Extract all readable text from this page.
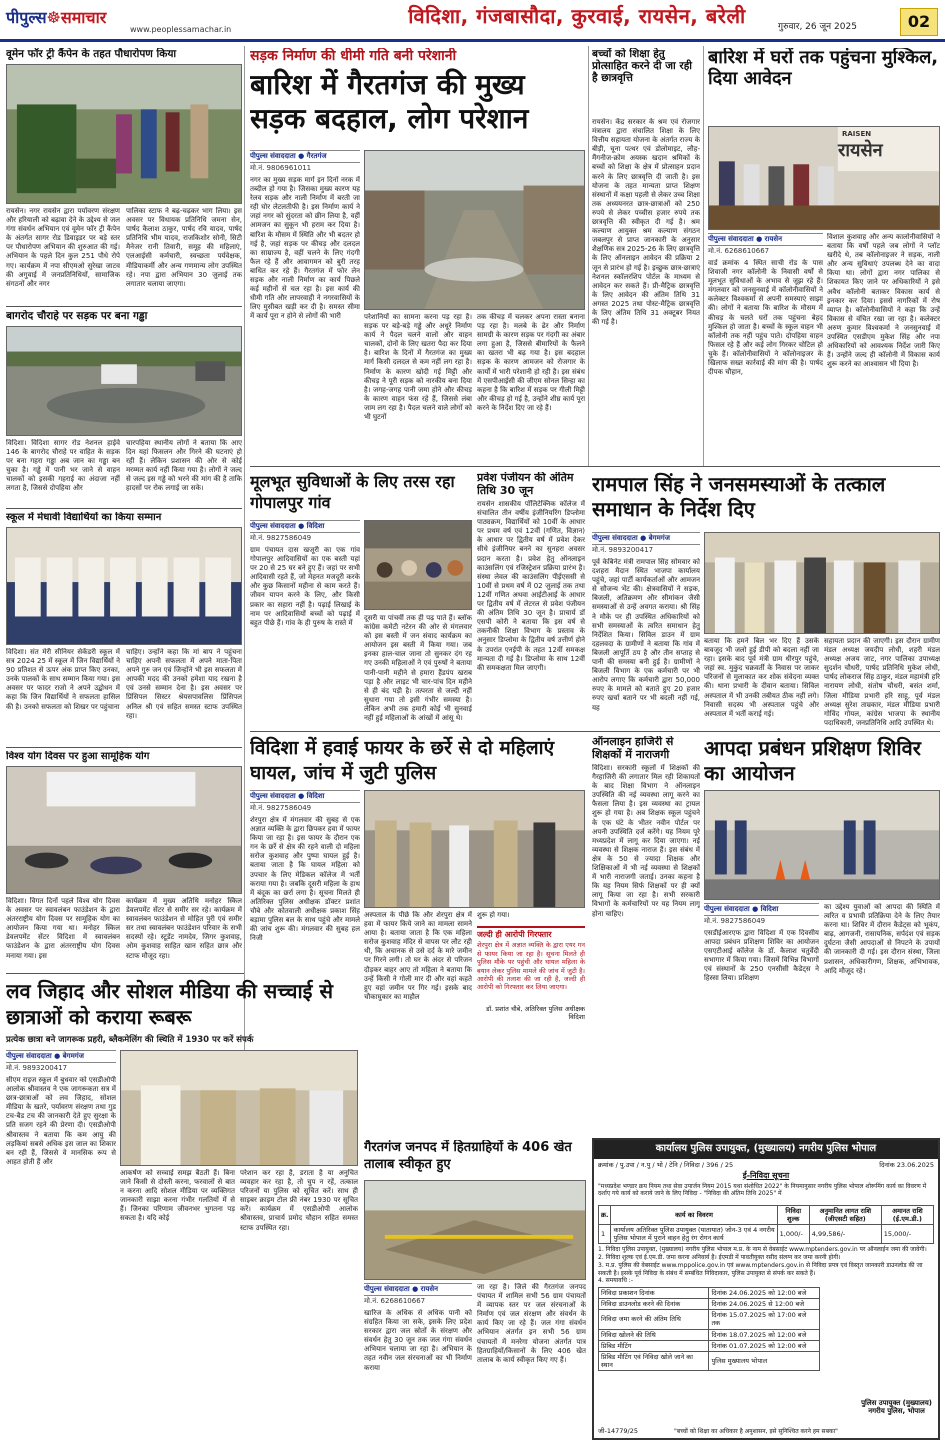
पीपुल्स☸समाचार
www.peoplessamachar.in
विदिशा, गंजबासौदा, कुरवाई, रायसेन, बरेली	गुरुवार, 26 जून 2025	02
वूमेन फॉर ट्री कैंपेन के तहत पौधारोपण किया
रायसेन। नगर रायसेन द्वारा पर्यावरण संरक्षण और हरियाली को बढ़ावा देने के उद्देश्य से जल गंगा संवर्धन अभियान एवं वूमेन फॉर ट्री कैंपेन के अंतर्गत सागर रोड डिवाइडर पर बड़े स्तर पर पौधारोपण अभियान की शुरुआत की गई। अभियान के पहले दिन कुल 251 पौधे रोपे गए। कार्यक्रम में नपा सीएमओ सुरेखा जाटव की अगुवाई में जनप्रतिनिधियों, सामाजिक संगठनों और नगर
पालिका स्टाफ ने बढ़-चढ़कर भाग लिया। इस अवसर पर विधायक प्रतिनिधि जमना सेन, पार्षद कैलाश ठाकुर, पार्षद रवि यादव, पार्षद प्रतिनिधि भीम यादव, राजकिशोर सोनी, सिटी मैनेजर रानी तिवारी, समूह की महिलाएं, एलआईसी कर्मचारी, स्वच्छता पर्यवेक्षक, मीडियाकर्मी और अन्य गणमान्य लोग उपस्थित रहे। नपा द्वारा अभियान 30 जुलाई तक लगातार चलाया जाएगा।
बागरोद चौराहे पर सड़क पर बना गड्ढा
विदिशा। विदिशा सागर रोड नेशनल हाईवे 146 के बागरोद चौराहे पर वाहित के सड़क पर बना गहरा गड्ढा अब जान का गड्ढा बन चुका है। गड्ढे में पानी भर जाने से वाहन चालकों को इसकी गहराई का अंदाजा नहीं लगता है, जिससे दोपहिया और
चारपहिया स्थानीय लोगों ने बताया कि आए दिन यहां फिसलन और गिरने की घटनाएं हो रही हैं। लेकिन प्रशासन की ओर से कोई मरम्मत कार्य नहीं किया गया है। लोगों ने जल्द से जल्द इस गड्ढे को भरने की मांग की है ताकि हादसों पर रोक लगाई जा सके।
स्कूल में मेधावी विद्यार्थियों का किया सम्मान
विदिशा। संत मेरी सीनियर सेकेंडरी स्कूल में सत्र 2024 25 में स्कूल में जिन विद्यार्थियों ने 90 प्रतिशत से ऊपर अंक प्राप्त किए उनका, उनके पालकों के साथ सम्मान किया गया। इस अवसर पर फादर राजो ने अपने उद्बोधन में कहा कि जिन विद्यार्थियों ने सफलता हासिल की है। उनको सफलता को शिखर पर पहुंचाना
चाहिए। उन्होंने कहा कि मां बाप ने पहुंचना चाहिए अपनी सफलता में अपने माता-पिता अपने गुरु जन एवं जिन्होंने भी इस सफलता में आपकी मदद की उनको हमेशा याद रखना है एवं उनसे सम्मान देना है। इस अवसर पर प्रिंसिपल सिस्टर श्रेयसपावलिस प्रिंसिपल अनिल श्री एवं सहित समस्त स्टाफ उपस्थित रहा।
विश्व योग दिवस पर हुआ सामूहिक योग
विदिशा। विगत दिनों पहले विश्व योग दिवस के अवसर पर स्वावलंबन फाउंडेशन के द्वारा अंतरराष्ट्रीय योग दिवस पर सामूहिक योग का आयोजन किया गया था। मनोहर स्किल डेवलपमेंट सेंटर विदिशा में स्वावलंबन फाउंडेशन के द्वारा अंतरराष्ट्रीय योग दिवस मनाया गया। इस
कार्यक्रम में मुख्य अतिथि मनोहर स्किल डेवलपमेंट सेंटर से समीर सर रहे। कार्यक्रम में स्वावलंबन फाउंडेशन से मोहित पुरी एवं समीर सर तथा स्वावलंबन फाउंडेशन परिवार के सभी सदस्यों रहे। स्टूडेंट नामदेव, जिगर कुशवाह, ओम कुशवाह साहित खान सहित छात्र और स्टाफ मौजूद रहा।
सड़क निर्माण की धीमी गति बनी परेशानी
बारिश में गैरतगंज की मुख्य सड़क बदहाल, लोग परेशान
पीपुल्स संवाददाता ● गैरतगंज
मो.नं. 9806961011
नगर का मुख्य सड़क मार्ग इन दिनों नरक में तब्दील हो गया है। जिसका मुख्य कारण यह रेलव सड़क और नाली निर्माण में बरती जा रही घोर लेटलतीफी है। इस निर्माण कार्य ने जहां नगर को सुंदरता को छीन लिया है, वहीं आमजन का सुकून भी हराम कर दिया है। बारिश के मौसम में स्थिति और भी बदतर हो गई है, जहां सड़क पर कीचड़ और दलदल का साम्राज्य है, वहीं चलने के लिए गंदगी फैल रहे हैं और आवागमन को बुरी तरह बाधित कर रहे हैं। गैरतगंज में फोर लेन सड़क और नाली निर्माण का कार्य पिछले कई महीनों से चल रहा है। इस कार्य की धीमी गति और लापरवाही ने नगरवासियों के लिए मुसीबत खड़ी कर दी है। समस्त सीमा में कार्य पूरा न होने से लोगों की भारी	परेशानियों का सामना करना पड़ रहा है। सड़क पर बड़े-बड़े गड्ढे और अधूरे निर्माण कार्य ने पैदल चलने वालों और वाहन चालकों, दोनों के लिए खतरा पैदा कर दिया है। बारिश के दिनों में गैरतगंज का मुख्य मार्ग किसी दलदल से कम नहीं लग रहा है। निर्माण के कारण खोदी गई मिट्टी और कीचड़ ने पूरी सड़क को नारकीय बना दिया है। जगह-जगह पानी जमा होने और कीचड़ के कारण वाहन फंस रहे हैं, जिससे लंबा जाम लग रहा है। पैदल चलने वाले लोगों को भी घुटनों
तक कीचड़ में चलकर अपना रास्ता बनाना पड़ रहा है। मलबे के ढेर और निर्माण सामग्री के कारण सड़क पर गंदगी का अंबार लगा हुआ है, जिससे बीमारियों के फैलने का खतरा भी बढ़ गया है। इस बदहाल सड़क के कारण आमजन को रोजगार के कार्यों में भारी परेशानी हो रही है। इस संबंध में एसपीआईसी की जीएम सोनल सिन्हा का कहना है कि बारिश में सड़क पर गीली मिट्टी और कीचड़ हो गई है, उन्होंने शीघ्र कार्य पूरा करने के निर्देश दिए जा रहे हैं।
बच्चों को शिक्षा हेतु प्रोत्साहित करने दी जा रही है छात्रवृत्ति
रायसेन। केंद्र सरकार के श्रम एवं रोजगार मंत्रालय द्वारा संचालित शिक्षा के लिए वित्तीय सहायता योजना के अंतर्गत राज्य के बीड़ी, चूना पत्थर एवं डोलोमाइट, लौह-मैंगनीज-क्रोम अयस्क खदान श्रमिकों के बच्चों को शिक्षा के क्षेत्र में प्रोत्साहन प्रदान करने के लिए छात्रवृत्ति दी जाती है। इस योजना के तहत मान्यता प्राप्त शिक्षण संस्थानों में कक्षा पहली से लेकर उच्च शिक्षा तक अध्ययनरत छात्र-छात्राओं को 250 रुपये से लेकर पच्चीस हजार रुपये तक छात्रवृत्ति की स्वीकृत दी गई है। श्रम कल्याण आयुक्त श्रम कल्याण संगठन जबलपुर से प्राप्त जानकारी के अनुसार शैक्षणिक सत्र 2025-26 के लिए छात्रवृत्ति के लिए ऑनलाइन आवेदन की प्रक्रिया 2 जून से प्रारंभ हो गई है। इच्छुक छात्र-छात्राएं नेशनल स्कॉलरशिप पोर्टल के माध्यम से आवेदन कर सकते हैं। प्री-मैट्रिक छात्रवृत्ति के लिए आवेदन की अंतिम तिथि 31 अगस्त 2025 तथा पोस्ट-मैट्रिक छात्रवृत्ति के लिए अंतिम तिथि 31 अक्टूबर नियत की गई है।
बारिश में घरों तक पहुंचना मुश्किल, दिया आवेदन
RAISEN
रायसेन
पीपुल्स संवाददाता ● रायसेन
मो.नं. 6268610667
वार्ड क्रमांक 4 स्थित साची रोड के पास शिवाजी नगर कॉलोनी के निवासी वर्षों से मूलभूत सुविधाओं के अभाव से जूझ रहे हैं। मंगलवार को जनसुनवाई में कॉलोनीवासियों ने कलेक्टर विश्वकर्मा से अपनी समस्याएं साझा की। लोगों ने बताया कि बारिश के मौसम में कीचड़ के चलते घरों तक पहुंचना बेहद मुश्किल हो जाता है। बच्चों के स्कूल वाहन भी कॉलोनी तक नहीं पहुंच पाते। दोपहिया वाहन फिसल रहे हैं और कई लोग गिरकर चोटिल हो चुके हैं। कॉलोनीवासियों ने कॉलोनाइजर के खिलाफ सख्त कार्रवाई की मांग की है। पार्षद दीपक चौहान,
विशाल कुशवाह और अन्य कालोनीवासियों ने बताया कि वर्षों पहले जब लोगों ने प्लॉट खरीदे थे, तब कॉलोनाइजर ने सड़क, नाली और अन्य सुविधाएं उपलब्ध देने का वादा किया था। लोगों द्वारा नगर पालिका से शिकायत किए जाने पर अधिकारियों ने इसे अवैध कॉलोनी बताकर विकास कार्य से इनकार कर दिया। इससे नागरिकों में रोष व्याप्त है। कॉलोनीवासियों ने कहा कि उन्हें विकास से वंचित रखा जा रहा है। कलेक्टर अरुण कुमार विश्वकर्मा ने जनसुनवाई में उपस्थित एसडीएम मुकेश सिंह और नपा अधिकारियों को आवश्यक निर्देश जारी किए हैं। उन्होंने जल्द ही कॉलोनी में विकास कार्य शुरू करने का आश्वासन भी दिया है।
मूलभूत सुविधाओं के लिए तरस रहा गोपालपुर गांव
पीपुल्स संवाददाता ● विदिशा
मो.नं. 9827586049
ग्राम पंचायत दास खजूरी का एक गांव गोपालपुर आदिवासियों का एक बस्ती यहां पर 20 से 25 घर बने हुए हैं। जहां पर सभी आदिवासी रहते हैं, जो मेहनत मजदूरी करके और कुछ किसानों महीना से काम करते हैं। जीवन यापन करने के लिए, और किसी प्रकार का सहारा नहीं है। पढ़ाई लिखाई के नाम पर आदिवासियों बच्चों को पढ़ाई में बहुत पीछे हैं। गांव के ही पुरुष के रास्ते में
दूसरी या पांचवीं तक ही पढ़ पाते हैं। ब्लॉक कांग्रेस कमेटी नटेरन की ओर से मंगलवार को इस बस्ती में जन संवाद कार्यक्रम का आयोजन इस बस्ती में किया गया। जब इनका हाल-चाल जाना तो सुनकर दंग रह गए उनकी महिलाओं ने एवं पुरुषों ने बताया पानी-पानी महीने से हमारा हैंडपंप खराब पड़ा है और लाइट भी चार-पांच दिन महीने से ही बंद पड़ी है। तत्परता से जल्दी नहीं सुधारा गया तो इसी गंभीर समस्या है। लेकिन अभी तक हमारी कोई भी सुनवाई नहीं हुई महिलाओं के आंखों में आंसू थे।
प्रवेश पंजीयन की अंतिम तिथि 30 जून
रायसेन शासकीय पॉलिटेक्निक कॉलेज में संचालित तीन वर्षीय इंजीनियरिंग डिप्लोमा पाठ्यक्रम, विद्यार्थियों को 10वीं के आधार पर प्रथम वर्ष एवं 12वीं (गणित, विज्ञान) के आधार पर द्वितीय वर्ष में प्रवेश देकर सीधे इंजीनियर बनने का सुनहरा अवसर प्रदान करता है। प्रवेश हेतु ऑनलाइन काउंसलिंग एवं रजिस्ट्रेशन प्रक्रिया प्रारंभ है। संस्था लेवल की काउंसलिंग पीईएससी से 10वीं से प्रथम वर्ष में 02 जुलाई तक तथा 12वीं गणित अथवा आईटीआई के आधार पर द्वितीय वर्ष में लेटरल से प्रवेश पंजीयन की अंतिम तिथि 30 जून है। प्राचार्य डॉ एसपी कोरी ने बताया कि इस वर्ष से तकनीकी शिक्षा विभाग के प्रस्ताव के अनुसार डिप्लोमा के द्वितीय वर्ष उत्तीर्ण होने के उपरांत एनईपी के तहत 12वीं समकक्ष मान्यता दी गई है। डिप्लोमा के साथ 12वीं की समकक्षता मिल जाएगी।
रामपाल सिंह ने जनसमस्याओं के तत्काल समाधान के निर्देश दिए
पीपुल्स संवाददाता ● बेगमगंज
मो.नं. 9893200417
पूर्व केबिनेट मंत्री रामपाल सिंह सोमवार को दशहरा मैदान स्थित भाजपा कार्यालय पहुंचे, जहां पार्टी कार्यकर्ताओं और आमजन से सौजन्य भेंट की। क्षेत्रवासियों ने सड़क, बिजली, अतिक्रमण और सीमांकन जैसी समस्याओं से उन्हें अवगत कराया। श्री सिंह ने मौके पर ही उपस्थित अधिकारियों को सभी समस्याओं के त्वरित समाधान हेतु निर्देशित किया। सिविल डाउन में ग्राम दहलवदा के ग्रामीणों ने बताया कि गांव में बिजली आपूर्ति ठप है और तीन सप्ताह से पानी की समस्या बनी हुई है। ग्रामीणों ने बिजली विभाग के एक कर्मचारी पर भी आरोप लगाए कि कर्मचारी द्वारा 50,000 रुपए के मामले को बताते हुए 20 हजार रुपए खर्चा बताने पर भी बदली नहीं गई, यह
बताया कि हमने बिल भर दिए हैं उसके बावजूद भी जलो हुई डीपी को बदला नहीं जा रहा। इसके बाद पूर्व मंत्री ग्राम धीरपुर पहुंचे, जहां स्व. मुकुंद चक्रवर्ती के निवास पर जाकर परिजनों से मुलाकात कर शोक संवेदना व्यक्त की। थाना प्रभारी के दीवान बताया। सिविल अस्पताल में भी उनकी तबीयत ठीक नहीं लगे। निवासी सदस्य भी अस्पताल पहुंचे और अस्पताल में भर्ती कराई गई।
सहायता प्रदान की जाएगी। इस दौरान ग्रामीण मंडल अध्यक्ष जयदीप लोधी, शहरी मंडल अध्यक्ष अजय जाट, नगर पालिका उपाध्यक्ष सुदर्शन चौधरी, पार्षद प्रतिनिधि मुकेश लोधी, पार्षद लोकराज सिंह ठाकुर, मंडल महामंत्री हरि नारायण लोधी, संतोष चौधरी, बसंत शर्मा, जिला मीडिया प्रभारी हरि साहू, पूर्व मंडल अध्यक्ष सुरेश ताम्रकार, मंडल मीडिया प्रभारी गोविंद गोयल, कांग्रेस भाजपा के स्थानीय पदाधिकारी, जनप्रतिनिधि आदि उपस्थित थे।
विदिशा में हवाई फायर के छर्रे से दो महिलाएं घायल, जांच में जुटी पुलिस
पीपुल्स संवाददाता ● विदिशा
मो.नं. 9827586049
शेरपुरा क्षेत्र में मंगलवार की सुबह से एक अज्ञात व्यक्ति के द्वारा छिपकर हवा में फायर किया जा रहा है। इस फायर के दौरान एक गन के छर्रे से क्षेत्र की रहने वाली दो महिला सरोज कुशवाह और पुष्पा घायल हुई है। बताया जाता है कि घायल महिला को उपचार के लिए मेडिकल कॉलेज में भर्ती कराया गया है। जबकि दूसरी महिला के हाथ में बंदूक का छर्रा लगा है। सूचना मिलते ही अतिरिक्त पुलिस अधीक्षक डॉक्टर प्रशांत चौबे और कोतवाली अधीक्षक प्रकाश सिंह बड़ामा पुलिस बल के साथ पहुंचे और मामले की जांच शुरू की। मंगलवार की सुबह हल निजी
अस्पताल के पीछे कि और शेरपुरा क्षेत्र में हवा में फायर किये जाने का मामला सामने आया है। बताया जाता है कि एक महिला सरोज कुशवाह मंदिर से वापस पर लौट रही थी, कि अचानक से उसे दर्द के मारे जमीन पर गिरने लगी। तो घर के अंदर से परिजन दौड़कर बाहर आए तो महिला ने बताया कि उन्हें किसी ने गोली मार दी और वहां कहते हुए वहां जमीन पर गिर गई। इसके बाद चौकाघुकार का माहौल
शुरू हो गया।
जल्दी ही आरोपी गिरफ्तार
शेरपुरा क्षेत्र में अज्ञात व्यक्ति के द्वारा एयर गन से फायर किया जा रहा है। सूचना मिलते ही पुलिस मौके पर पहुंची और घायल महिला के बयान लेकर पुलिस मामले की जांच में जुटी है। आरोपी की तलाश की जा रही है, जल्दी ही आरोपी को गिरफ्तार कर लिया जाएगा।
डॉ. प्रशांत चौबे, अतिरिक्त पुलिस अधीक्षक विदिशा
ऑनलाइन हाजिरी से शिक्षकों में नाराजगी
विदिशा। सरकारी स्कूलों में शिक्षकों की गैरहाजिरी की लगातार मिल रही शिकायतों के बाद शिक्षा विभाग ने ऑनलाइन उपस्थिति की नई व्यवस्था लागू करने का फैसला लिया है। इस व्यवस्था का ट्रायल शुरू हो गया है। अब शिक्षक स्कूल पहुंचने के एक घंटे के भीतर नवीन पोर्टल पर अपनी उपस्थिति दर्ज करेंगे। यह नियम पूरे मध्यप्रदेश में लागू कर दिया जाएगा। नई व्यवस्था से शिक्षक नाराज हैं। इस संबंध में क्षेत्र के 50 से ज्यादा शिक्षक और शिक्षिकाओं में भी नई व्यवस्था से शिक्षकों में भारी नाराजगी जताई। उनका कहना है कि यह नियम सिर्फ शिक्षकों पर ही क्यों लागू किया जा रहा है। सभी सरकारी विभागों के कर्मचारियों पर यह नियम लागू होना चाहिए।
आपदा प्रबंधन प्रशिक्षण शिविर का आयोजन
पीपुल्स संवाददाता ● विदिशा
मो.नं. 9827586049
एसडीईआरएफ द्वारा विदिशा में एक दिवसीय आपदा प्रबंधन प्रशिक्षण शिविर का आयोजन एसएटीआई कॉलेज के डॉ. कैलाश चतुर्वेदी सभागार में किया गया। जिसमें विभिन्न विभागों एवं संस्थानों के 250 एनसीसी कैडेट्स ने हिस्सा लिया। प्रशिक्षण
का उद्देश्य युवाओं को आपदा की स्थिति में त्वरित व प्रभावी प्रतिक्रिया देने के लिए तैयार करना था। शिविर में दौरान कैडेट्स को भूकंप, बाढ़, आगजनी, रासायनिक, सर्पदंश एवं सड़क दुर्घटना जैसी आपदाओं से निपटने के उपायों की जानकारी दी गई। इस दौरान संस्था, जिला प्रशासन, अधिकारीगण, शिक्षक, अभिभावक, आदि मौजूद रहे।
लव जिहाद और सोशल मीडिया की सच्चाई से छात्राओं को कराया रूबरू
प्रत्येक छात्रा बने जागरूक प्रहरी, ब्लैकमेलिंग की स्थिति में 1930 पर करें संपर्क
पीपुल्स संवाददाता ● बेगमगंज
मो.नं. 9893200417
सीएम राइज स्कूल में बुधवार को एसडीओपी आलोक श्रीवास्तव ने एक जागरूकता सत्र में छात्र-छात्राओं को लव जिहाद, सोशल मीडिया के खतरे, पर्यावरण संरक्षण तथा गुड टच-बैड टच की जानकारी देते हुए सुरक्षा के प्रति सजग रहने की प्रेरणा दी। एसडीओपी श्रीवास्तव ने बताया कि कम आयु की लड़कियां सबसे अधिक इस जाल का शिकार बन रही हैं, जिससे वे मानसिक रूप से आहत होती हैं और
आकर्षण को सच्चाई समझ बैठती हैं। बिना जाने किसी से दोस्ती करना, फरवालों से बात न करना आदि सोशल मीडिया पर व्यक्तिगत जानकारी साझा करना गंभीर गलतियों में से हैं। जिनका परिणाम जीवनभर भुगतना पड़ सकता है। यदि कोई
परेशान कर रहा है, डराता है या अनुचित व्यवहार कर रहा है, तो चुप न रहें, तत्काल परिजनों या पुलिस को सूचित करें। साथ ही साइबर क्राइम टोल फ्री नंबर 1930 पर सूचित करें। कार्यक्रम में एसडीओपी आलोक श्रीवास्तव, प्राचार्य प्रमोद चौहान सहित समस्त स्टाफ उपस्थित रहा।
गैरतगंज जनपद में हितग्राहियों के 406 खेत तालाब स्वीकृत हुए
पीपुल्स संवाददाता ● रायसेन
मो.नं. 6268610667
खारिज के अधिक से अधिक पानी को संग्रहित किया जा सके, इसके लिए प्रदेश सरकार द्वारा जल स्रोतों के संरक्षण और संवर्धन हेतु 30 जून तक जल गंगा संवर्धन अभियान चलाया जा रहा है। अभियान के तहत नवीन जल संरचनाओं का भी निर्माण कराया
जा रहा है। जिले की गैरतगंज जनपद पंचायत में शामिल सभी 56 ग्राम पंचायतों में व्यापक स्तर पर जल संरचनाओं के निर्माण एवं जल संरक्षण और संवर्धन के कार्य किए जा रहे हैं। जल गंगा संवर्धन अभियान अंतर्गत इन सभी 56 ग्राम पंचायतों में मनरेगा योजना अंतर्गत पात्र हितग्राहियों/किसानों के लिए 406 खेत तालाब के कार्य स्वीकृत किए गए हैं।
कार्यालय पुलिस उपायुक्त, (मुख्यालय) नगरीय पुलिस भोपाल
क्रमांक / पु.उपा / न.पु / भो / टेनि / निविदा / 396 / 25	दिनांक 23.06.2025
ई-निविदा सूचना
"मध्यप्रदेश भण्डार क्रय नियम तथा सेवा उपार्जन नियम 2015 यथा संशोधित 2022" के नियमानुसार नगरीय पुलिस भोपाल शोरूमिंग कार्य का विवरण में दर्शाए गये कार्य को कराये जाने के लिए निविदा - "निविदा की अंतिम तिथि 2025" में
क्र.	कार्य का विवरण	निविदा शुल्क	अनुमानित लागत राशि (जीएसटी सहित)	अमानत राशि (ई.एम.डी.)
1	कार्यालय अतिरिक्त पुलिस उपायुक्त (यातायात) जोन-3 एवं 4 नगरीय पुलिस भोपाल में पुराने वाहन हेतु रंग रोगन कार्य	1,000/-	4,99,586/-	15,000/-
1. निविदा पुलिस उपायुक्त, (मुख्यालय) नगरीय पुलिस भोपाल म.प्र. के नाम से वेबसाईट www.mptenders.gov.in पर ऑनलाईन जमा की जावेगी।
2. निविदा शुल्क एवं ई.एम.डी. जमा करना अनिवार्य है। ईएमडी में पावतीयुक्त रसीद संलग्न कर जमा करनी होगी।
3. म.प्र. पुलिस की वेबसाईट www.mppolice.gov.in एवं www.mptenders.gov.in से निविदा प्रपत्र एवं विस्तृत जानकारी डाउनलोड की जा सकती है। इसके पूर्व निविदा के संबंध में सम्बंधित निविदाकार, पुलिस उपायुक्त से संपर्क कर सकते हैं।
4. समयावधि :-
निविदा प्रकाशन दिनांक	दिनांक 24.06.2025 को 12:00 बजे
निविदा डाउनलोड करने की दिनांक	दिनांक 24.06.2025 से 12:00 बजे
निविदा जमा करने की अंतिम तिथि	दिनांक 15.07.2025 को 17:00 बजे तक
निविदा खोलने की तिथि	दिनांक 18.07.2025 को 12:00 बजे
प्रिबिड मीटिंग	दिनांक 01.07.2025 को 12:00 बजे
प्रिबिड मीटिंग एवं निविदा खोले जाने का स्थान	पुलिस मुख्यालय भोपाल
पुलिस उपायुक्त (मुख्यालय)
नगरीय पुलिस, भोपाल
जी-14779/25	"बच्चों को शिक्षा का अधिकार है अनुशासन, इसे सुनिश्चित करने हम सबका"
